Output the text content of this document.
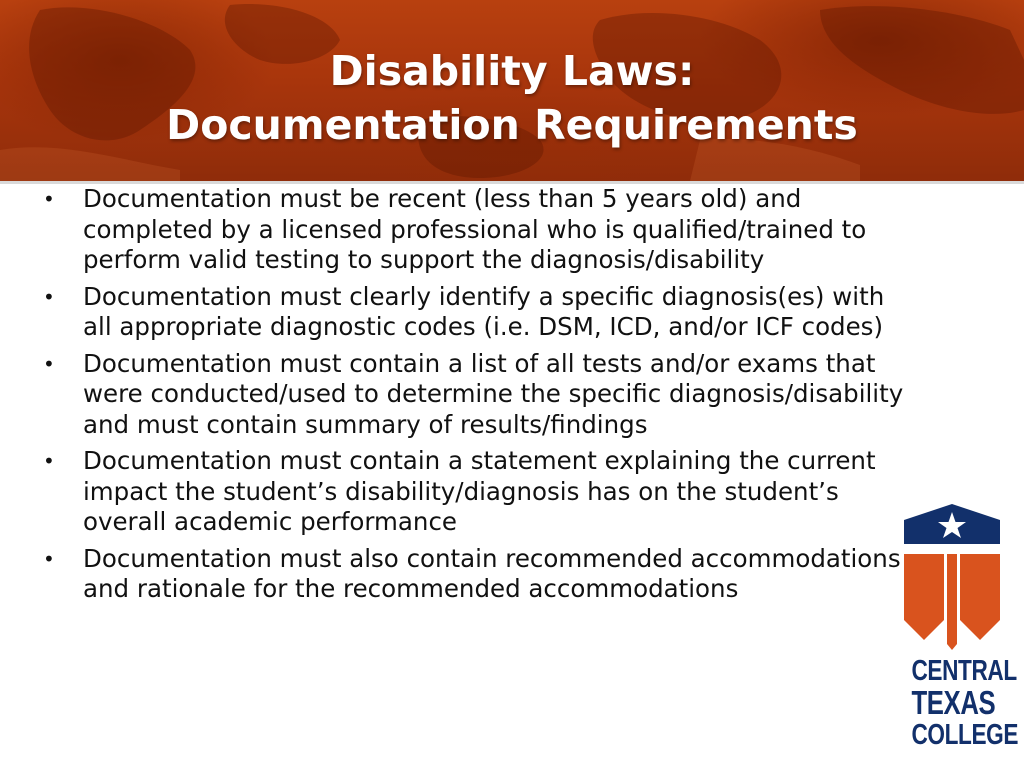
Disability Laws:
Documentation Requirements
• Documentation must be recent (less than 5 years old) and completed by a licensed professional who is qualified/trained to perform valid testing to support the diagnosis/disability
• Documentation must clearly identify a specific diagnosis(es) with all appropriate diagnostic codes (i.e. DSM, ICD, and/or ICF codes)
• Documentation must contain a list of all tests and/or exams that were conducted/used to determine the specific diagnosis/disability and must contain summary of results/findings
• Documentation must contain a statement explaining the current impact the student’s disability/diagnosis has on the student’s overall academic performance
• Documentation must also contain recommended accommodations and rationale for the recommended accommodations
CENTRAL
TEXAS
COLLEGE
